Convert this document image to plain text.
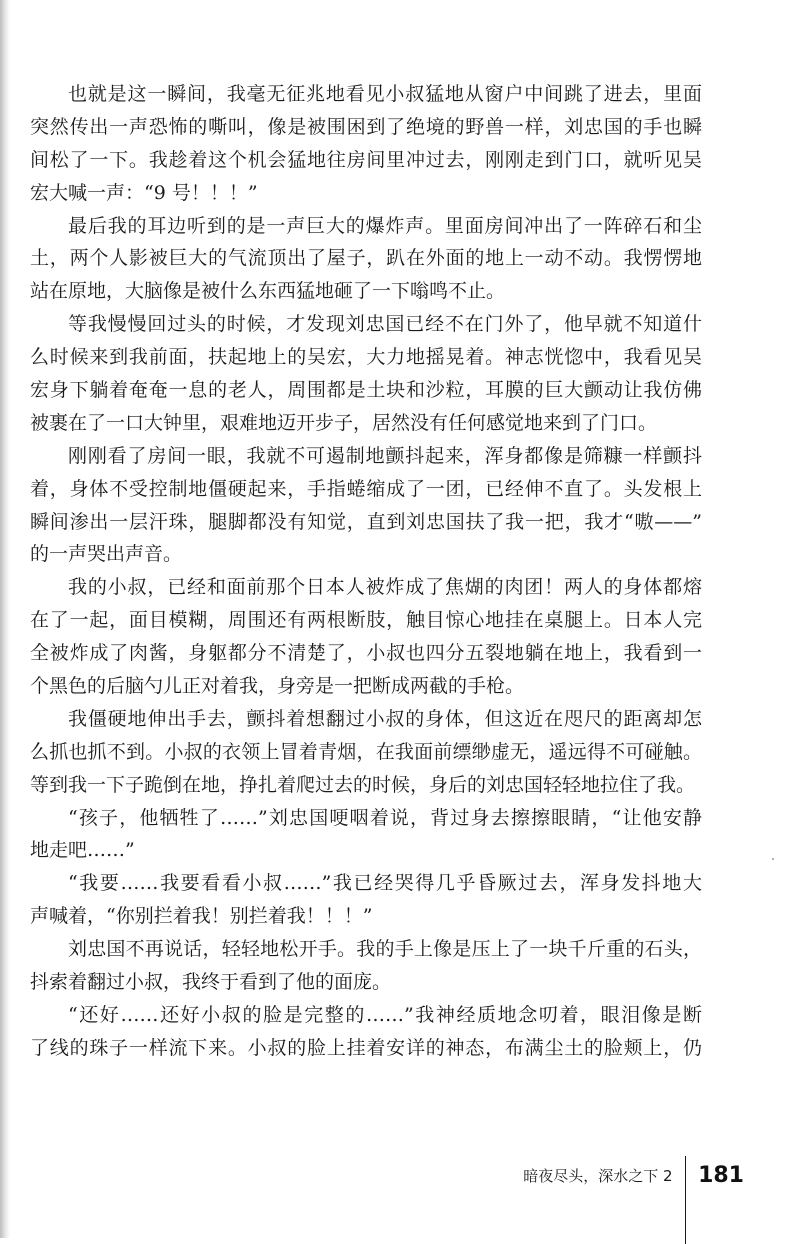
也就是这一瞬间，我毫无征兆地看见小叔猛地从窗户中间跳了进去，里面
突然传出一声恐怖的嘶叫，像是被围困到了绝境的野兽一样，刘忠国的手也瞬
间松了一下。我趁着这个机会猛地往房间里冲过去，刚刚走到门口，就听见吴
宏大喊一声：“9 号！！！”
最后我的耳边听到的是一声巨大的爆炸声。里面房间冲出了一阵碎石和尘
土，两个人影被巨大的气流顶出了屋子，趴在外面的地上一动不动。我愣愣地
站在原地，大脑像是被什么东西猛地砸了一下嗡鸣不止。
等我慢慢回过头的时候，才发现刘忠国已经不在门外了，他早就不知道什
么时候来到我前面，扶起地上的吴宏，大力地摇晃着。神志恍惚中，我看见吴
宏身下躺着奄奄一息的老人，周围都是土块和沙粒，耳膜的巨大颤动让我仿佛
被裹在了一口大钟里，艰难地迈开步子，居然没有任何感觉地来到了门口。
刚刚看了房间一眼，我就不可遏制地颤抖起来，浑身都像是筛糠一样颤抖
着，身体不受控制地僵硬起来，手指蜷缩成了一团，已经伸不直了。头发根上
瞬间渗出一层汗珠，腿脚都没有知觉，直到刘忠国扶了我一把，我才“嗷——”
的一声哭出声音。
我的小叔，已经和面前那个日本人被炸成了焦煳的肉团！两人的身体都熔
在了一起，面目模糊，周围还有两根断肢，触目惊心地挂在桌腿上。日本人完
全被炸成了肉酱，身躯都分不清楚了，小叔也四分五裂地躺在地上，我看到一
个黑色的后脑勺儿正对着我，身旁是一把断成两截的手枪。
我僵硬地伸出手去，颤抖着想翻过小叔的身体，但这近在咫尺的距离却怎
么抓也抓不到。小叔的衣领上冒着青烟，在我面前缥缈虚无，遥远得不可碰触。
等到我一下子跪倒在地，挣扎着爬过去的时候，身后的刘忠国轻轻地拉住了我。
“孩子，他牺牲了……”刘忠国哽咽着说，背过身去擦擦眼睛，“让他安静
地走吧……”
“我要……我要看看小叔……”我已经哭得几乎昏厥过去，浑身发抖地大
声喊着，“你别拦着我！别拦着我！！！”
刘忠国不再说话，轻轻地松开手。我的手上像是压上了一块千斤重的石头，
抖索着翻过小叔，我终于看到了他的面庞。
“还好……还好小叔的脸是完整的……”我神经质地念叨着，眼泪像是断
了线的珠子一样流下来。小叔的脸上挂着安详的神态，布满尘土的脸颊上，仍
暗夜尽头，深水之下 2	181
